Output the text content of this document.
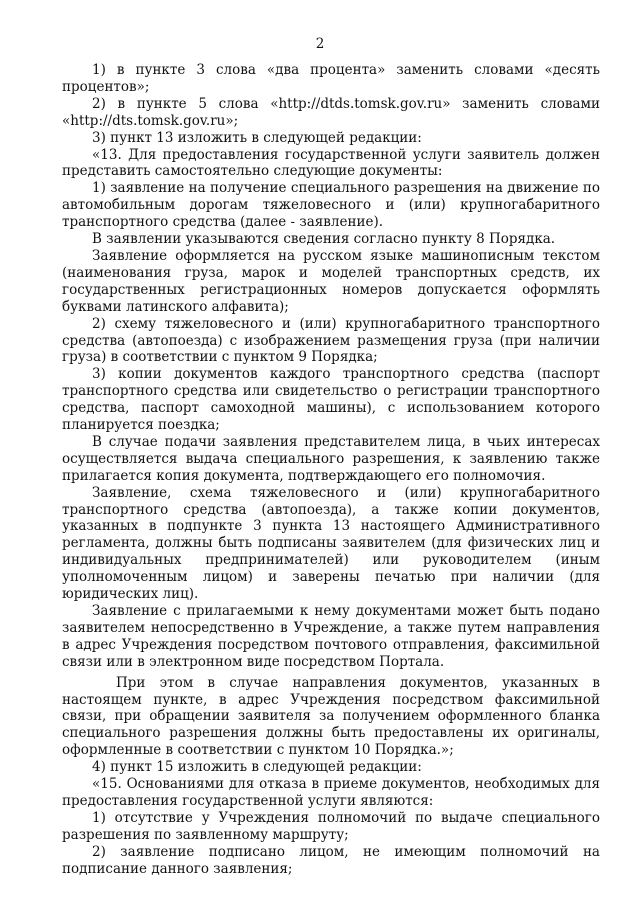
2

1) в пункте 3 слова «два процента» заменить словами «десять процентов»;

2) в пункте 5 слова «http://dtds.tomsk.gov.ru» заменить словами «http://dts.tomsk.gov.ru»;

3) пункт 13 изложить в следующей редакции:

«13. Для предоставления государственной услуги заявитель должен представить самостоятельно следующие документы:

1) заявление на получение специального разрешения на движение по автомобильным дорогам тяжеловесного и (или) крупногабаритного транспортного средства (далее - заявление).

В заявлении указываются сведения согласно пункту 8 Порядка.

Заявление оформляется на русском языке машинописным текстом (наименования груза, марок и моделей транспортных средств, их государственных регистрационных номеров допускается оформлять буквами латинского алфавита);

2) схему тяжеловесного и (или) крупногабаритного транспортного средства (автопоезда) с изображением размещения груза (при наличии груза) в соответствии с пунктом 9 Порядка;

3) копии документов каждого транспортного средства (паспорт транспортного средства или свидетельство о регистрации транспортного средства, паспорт самоходной машины), с использованием которого планируется поездка;

В случае подачи заявления представителем лица, в чьих интересах осуществляется выдача специального разрешения, к заявлению также прилагается копия документа, подтверждающего его полномочия.

Заявление, схема тяжеловесного и (или) крупногабаритного транспортного средства (автопоезда), а также копии документов, указанных в подпункте 3 пункта 13 настоящего Административного регламента, должны быть подписаны заявителем (для физических лиц и индивидуальных предпринимателей) или руководителем (иным уполномоченным лицом) и заверены печатью при наличии (для юридических лиц).

Заявление с прилагаемыми к нему документами может быть подано заявителем непосредственно в Учреждение, а также путем направления в адрес Учреждения посредством почтового отправления, факсимильной связи или в электронном виде посредством Портала.

При этом в случае направления документов, указанных в настоящем пункте, в адрес Учреждения посредством факсимильной связи, при обращении заявителя за получением оформленного бланка специального разрешения должны быть предоставлены их оригиналы, оформленные в соответствии с пунктом 10 Порядка.»;

4) пункт 15 изложить в следующей редакции:

«15. Основаниями для отказа в приеме документов, необходимых для предоставления государственной услуги являются:

1) отсутствие у Учреждения полномочий по выдаче специального разрешения по заявленному маршруту;

2) заявление подписано лицом, не имеющим полномочий на подписание данного заявления;
